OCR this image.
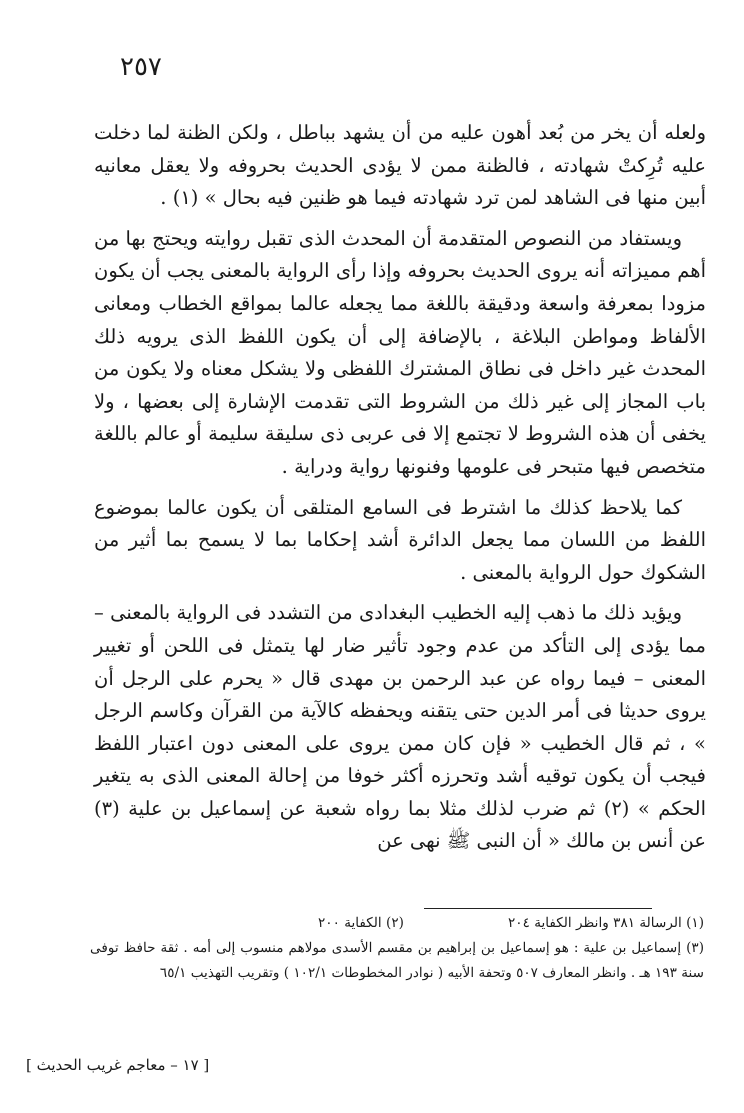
٢٥٧

ولعله أن يخر من بُعد أهون عليه من أن يشهد بباطل ، ولكن الظنة لما دخلت عليه تُرِكتْ شهادته ، فالظنة ممن لا يؤدى الحديث بحروفه ولا يعقل معانيه أبين منها فى الشاهد لمن ترد شهادته فيما هو ظنين فيه بحال » (١) .

ويستفاد من النصوص المتقدمة أن المحدث الذى تقبل روايته ويحتج بها من أهم مميزاته أنه يروى الحديث بحروفه وإذا رأى الرواية بالمعنى يجب أن يكون مزودا بمعرفة واسعة ودقيقة باللغة مما يجعله عالما بمواقع الخطاب ومعانى الألفاظ ومواطن البلاغة ، بالإضافة إلى أن يكون اللفظ الذى يرويه ذلك المحدث غير داخل فى نطاق المشترك اللفظى ولا يشكل معناه ولا يكون من باب المجاز إلى غير ذلك من الشروط التى تقدمت الإشارة إلى بعضها ، ولا يخفى أن هذه الشروط لا تجتمع إلا فى عربى ذى سليقة سليمة أو عالم باللغة متخصص فيها متبحر فى علومها وفنونها رواية ودراية .

كما يلاحظ كذلك ما اشترط فى السامع المتلقى أن يكون عالما بموضوع اللفظ من اللسان مما يجعل الدائرة أشد إحكاما بما لا يسمح بما أثير من الشكوك حول الرواية بالمعنى .

ويؤيد ذلك ما ذهب إليه الخطيب البغدادى من التشدد فى الرواية بالمعنى – مما يؤدى إلى التأكد من عدم وجود تأثير ضار لها يتمثل فى اللحن أو تغيير المعنى – فيما رواه عن عبد الرحمن بن مهدى قال « يحرم على الرجل أن يروى حديثا فى أمر الدين حتى يتقنه ويحفظه كالآية من القرآن وكاسم الرجل » ، ثم قال الخطيب « فإن كان ممن يروى على المعنى دون اعتبار اللفظ فيجب أن يكون توقيه أشد وتحرزه أكثر خوفا من إحالة المعنى الذى به يتغير الحكم » (٢) ثم ضرب لذلك مثلا بما رواه شعبة عن إسماعيل بن علية (٣) عن أنس بن مالك « أن النبى ﷺ نهى عن

(١) الرسالة ٣٨١ وانظر الكفاية ٢٠٤
(٢) الكفاية ٢٠٠
(٣) إسماعيل بن علية : هو إسماعيل بن إبراهيم بن مقسم الأسدى مولاهم منسوب إلى أمه . ثقة حافظ توفى سنة ١٩٣ هـ . وانظر المعارف ٥٠٧ وتحفة الأبيه ( نوادر المخطوطات ١٠٢/١ ) وتقريب التهذيب ٦٥/١
[ ١٧ – معاجم غريب الحديث ]
